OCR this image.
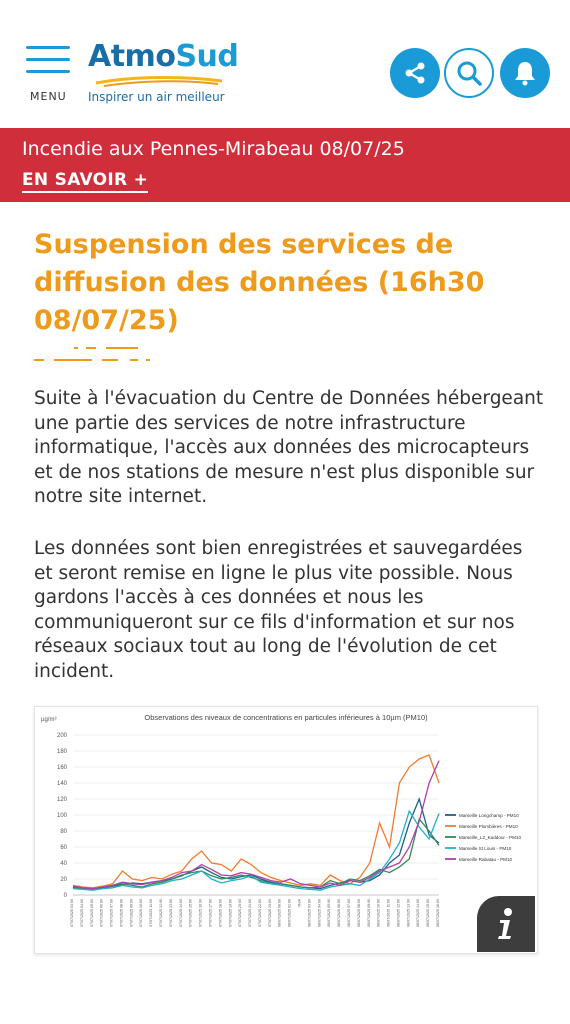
MENU
AtmoSud
Inspirer un air meilleur
Incendie aux Pennes-Mirabeau 08/07/25
EN SAVOIR +
Suspension des services de diffusion des données (16h30 08/07/25)

Suite à l'évacuation du Centre de Données hébergeant une partie des services de notre infrastructure informatique, l'accès aux données des microcapteurs et de nos stations de mesure n'est plus disponible sur notre site internet.

Les données sont bien enregistrées et sauvegardées et seront remise en ligne le plus vite possible. Nous gardons l'accès à ces données et nous les communiqueront sur ce fils d'information et sur nos réseaux sociaux tout au long de l'évolution de cet incident.

Observations des niveaux de concentrations en particules inférieures à 10µm (PM10)
µg/m³
0
20
40
60
80
100
120
140
160
180
200
07/07/2025 03:00 07/07/2025 04:00 07/07/2025 05:00 07/07/2025 06:00 07/07/2025 07:00 07/07/2025 08:00 07/07/2025 09:00 07/07/2025 10:00 07/07/2025 11:00 07/07/2025 12:00 07/07/2025 13:00 07/07/2025 14:00 07/07/2025 15:00 07/07/2025 16:00 07/07/2025 17:00 07/07/2025 18:00 07/07/2025 19:00 07/07/2025 20:00 07/07/2025 21:00 07/07/2025 22:00 07/07/2025 23:00 08/07/2025 00:00 08/07/2025 01:00 #N/A 08/07/2025 03:00 08/07/2025 04:00 08/07/2025 05:00 08/07/2025 06:00 08/07/2025 07:00 08/07/2025 08:00 08/07/2025 09:00 08/07/2025 10:00 08/07/2025 11:00 08/07/2025 12:00 08/07/2025 13:00 08/07/2025 14:00 08/07/2025 15:00 08/07/2025 16:00
Marseille Longchamp - PM10
Marseille Plombières - PM10
Marseille_L2_Kaddour - PM10
Marseille St Louis - PM10
Marseille Rabatau - PM10
